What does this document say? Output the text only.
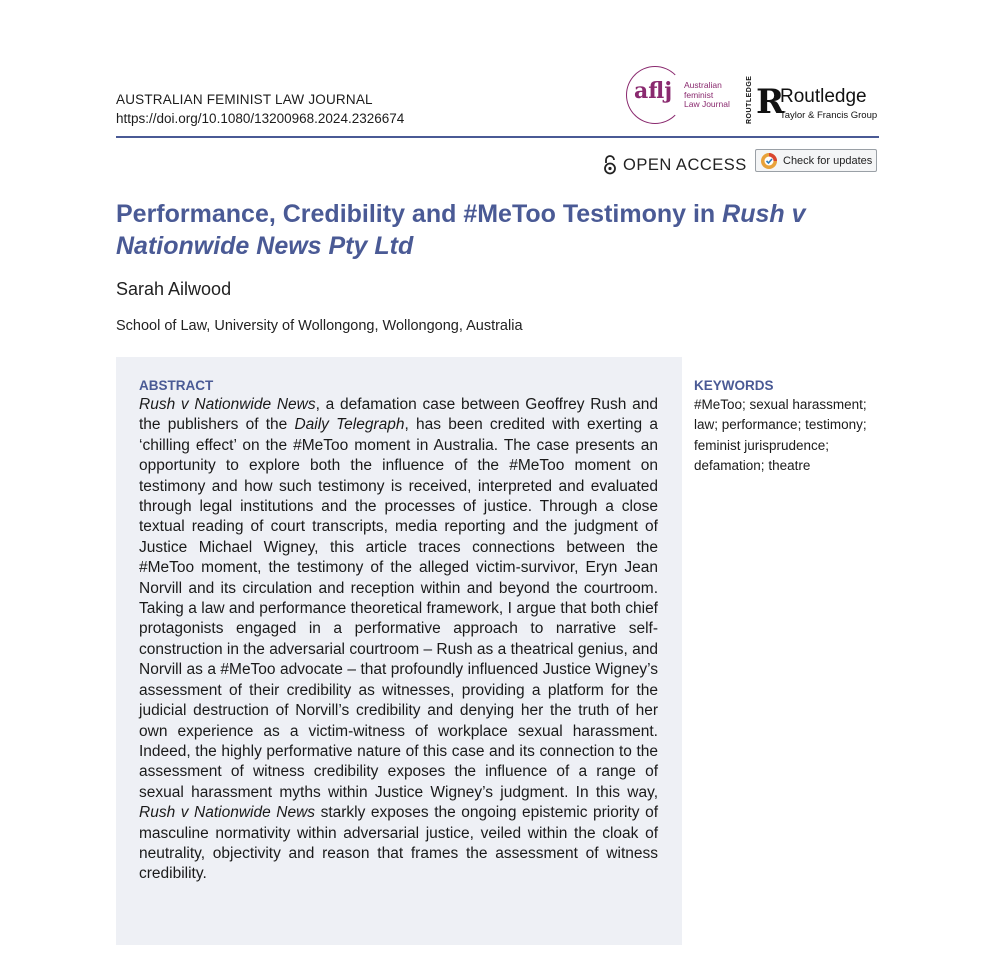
AUSTRALIAN FEMINIST LAW JOURNAL
https://doi.org/10.1080/13200968.2024.2326674
aflj Australian
feminist
Law Journal ROUTLEDGE R
Routledge
Taylor & Francis Group
OPEN ACCESS	Check for updates
Performance, Credibility and #MeToo Testimony in Rush v Nationwide News Pty Ltd
Sarah Ailwood
School of Law, University of Wollongong, Wollongong, Australia
ABSTRACT

Rush v Nationwide News, a defamation case between Geoffrey Rush and the publishers of the Daily Telegraph, has been credited with exerting a ‘chilling effect’ on the #MeToo moment in Australia. The case presents an opportunity to explore both the influence of the #MeToo moment on testimony and how such testimony is received, interpreted and evaluated through legal institutions and the processes of justice. Through a close textual reading of court transcripts, media reporting and the judgment of Justice Michael Wigney, this article traces connections between the #MeToo moment, the testimony of the alleged victim-survivor, Eryn Jean Norvill and its circulation and reception within and beyond the courtroom. Taking a law and performance theoretical framework, I argue that both chief protagonists engaged in a performative approach to narrative self-construction in the adversarial courtroom – Rush as a theatrical genius, and Norvill as a #MeToo advocate – that profoundly influenced Justice Wigney’s assessment of their credibility as witnesses, providing a platform for the judicial destruction of Norvill’s credibility and denying her the truth of her own experience as a victim-witness of workplace sexual harassment. Indeed, the highly performative nature of this case and its connection to the assessment of witness credibility exposes the influence of a range of sexual harassment myths within Justice Wigney’s judgment. In this way, Rush v Nationwide News starkly exposes the ongoing epistemic priority of masculine normativity within adversarial justice, veiled within the cloak of neutrality, objectivity and reason that frames the assessment of witness credibility.

KEYWORDS
#MeToo; sexual harassment; law; performance; testimony; feminist jurisprudence; defamation; theatre
